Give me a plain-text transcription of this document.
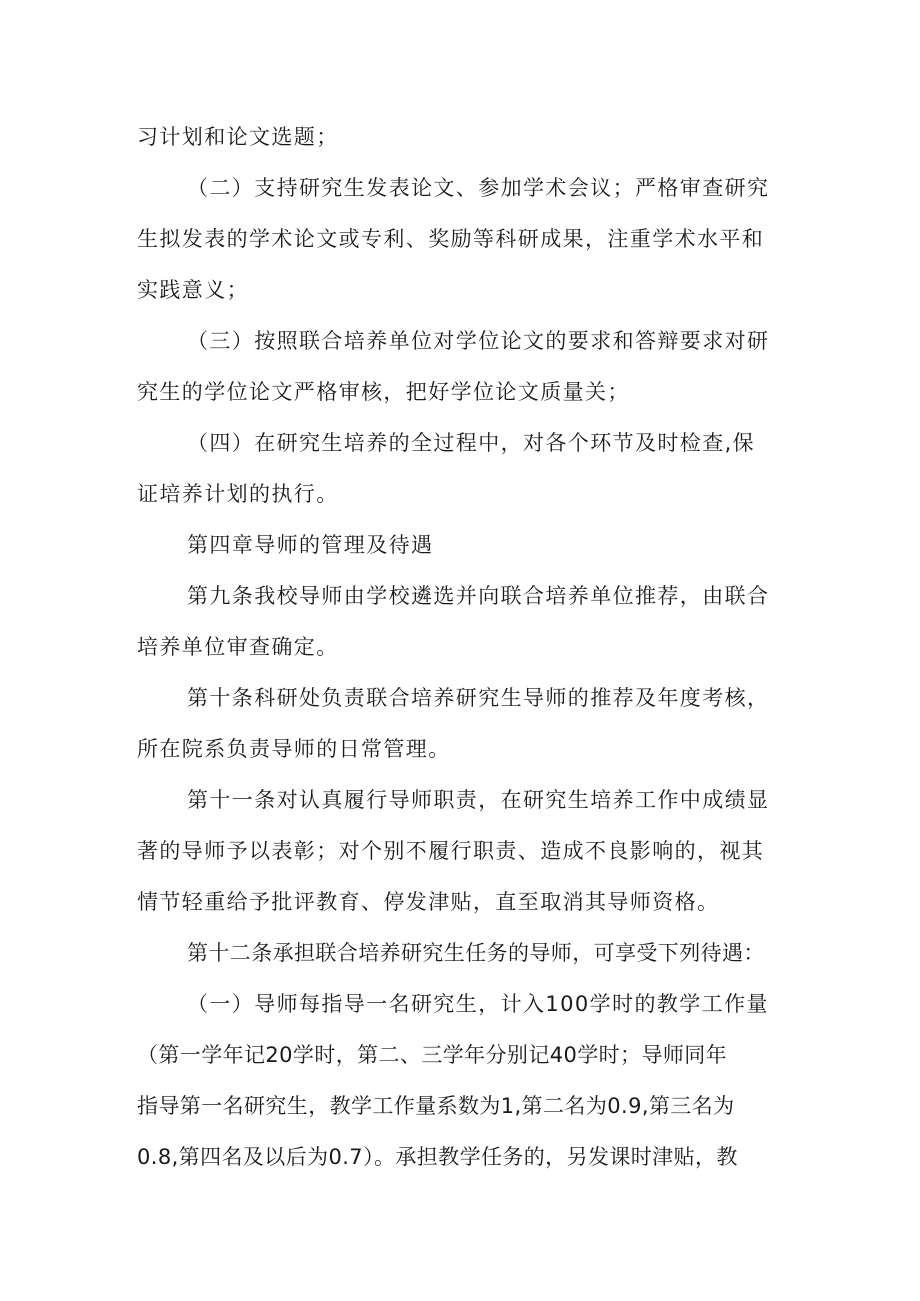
习计划和论文选题；
（二）支持研究生发表论文、参加学术会议；严格审查研究
生拟发表的学术论文或专利、奖励等科研成果，注重学术水平和
实践意义；
（三）按照联合培养单位对学位论文的要求和答辩要求对研
究生的学位论文严格审核，把好学位论文质量关；
（四）在研究生培养的全过程中，对各个环节及时检查,保
证培养计划的执行。
第四章导师的管理及待遇
第九条我校导师由学校遴选并向联合培养单位推荐，由联合
培养单位审查确定。
第十条科研处负责联合培养研究生导师的推荐及年度考核，
所在院系负责导师的日常管理。
第十一条对认真履行导师职责，在研究生培养工作中成绩显
著的导师予以表彰；对个别不履行职责、造成不良影响的，视其
情节轻重给予批评教育、停发津贴，直至取消其导师资格。
第十二条承担联合培养研究生任务的导师，可享受下列待遇：
（一）导师每指导一名研究生，计入100学时的教学工作量
（第一学年记20学时，第二、三学年分别记40学时；导师同年
指导第一名研究生，教学工作量系数为1,第二名为0.9,第三名为
0.8,第四名及以后为0.7）。承担教学任务的，另发课时津贴，教
